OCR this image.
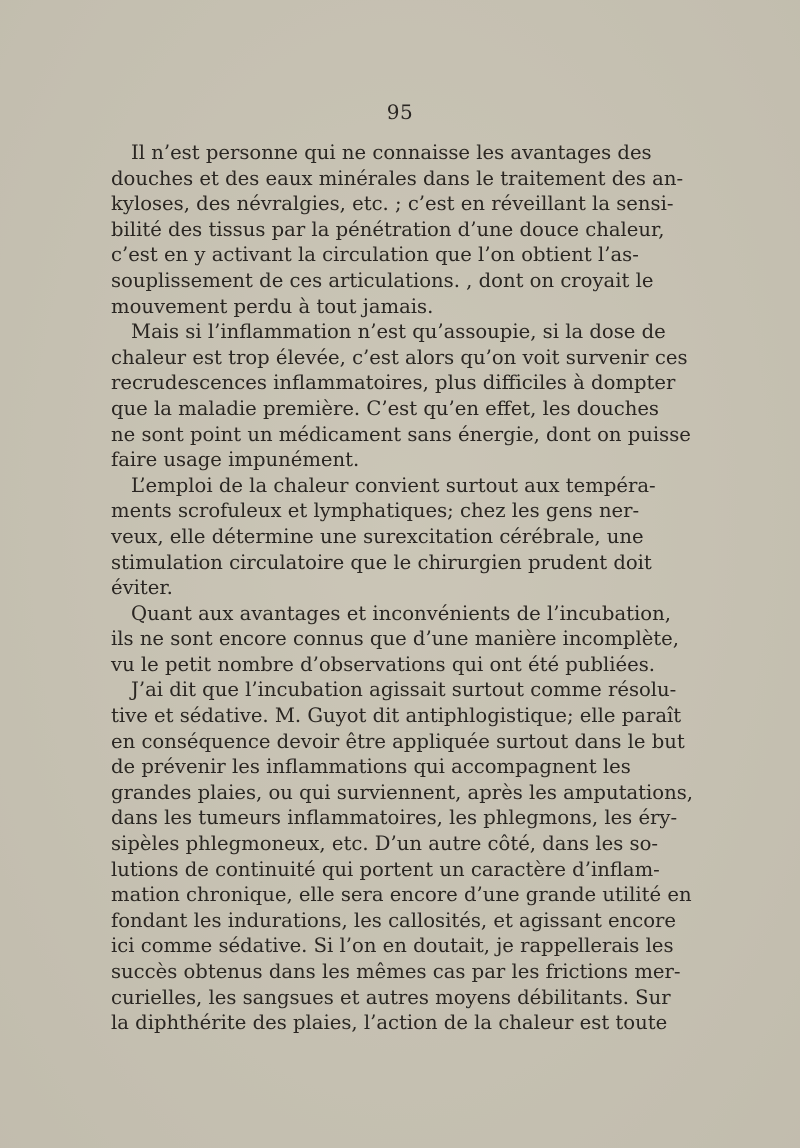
95
Il n’est personne qui ne connaisse les avantages des
douches et des eaux minérales dans le traitement des an-
kyloses, des névralgies, etc. ; c’est en réveillant la sensi-
bilité des tissus par la pénétration d’une douce chaleur,
c’est en y activant la circulation que l’on obtient l’as-
souplissement de ces articulations. , dont on croyait le
mouvement perdu à tout jamais.
Mais si l’inflammation n’est qu’assoupie, si la dose de
chaleur est trop élevée, c’est alors qu’on voit survenir ces
recrudescences inflammatoires, plus difficiles à dompter
que la maladie première. C’est qu’en effet, les douches
ne sont point un médicament sans énergie, dont on puisse
faire usage impunément.
L’emploi de la chaleur convient surtout aux tempéra-
ments scrofuleux et lymphatiques; chez les gens ner-
veux, elle détermine une surexcitation cérébrale, une
stimulation circulatoire que le chirurgien prudent doit
éviter.
Quant aux avantages et inconvénients de l’incubation,
ils ne sont encore connus que d’une manière incomplète,
vu le petit nombre d’observations qui ont été publiées.
J’ai dit que l’incubation agissait surtout comme résolu-
tive et sédative. M. Guyot dit antiphlogistique; elle paraît
en conséquence devoir être appliquée surtout dans le but
de prévenir les inflammations qui accompagnent les
grandes plaies, ou qui surviennent, après les amputations,
dans les tumeurs inflammatoires, les phlegmons, les éry-
sipèles phlegmoneux, etc. D’un autre côté, dans les so-
lutions de continuité qui portent un caractère d’inflam-
mation chronique, elle sera encore d’une grande utilité en
fondant les indurations, les callosités, et agissant encore
ici comme sédative. Si l’on en doutait, je rappellerais les
succès obtenus dans les mêmes cas par les frictions mer-
curielles, les sangsues et autres moyens débilitants. Sur
la diphthérite des plaies, l’action de la chaleur est toute
